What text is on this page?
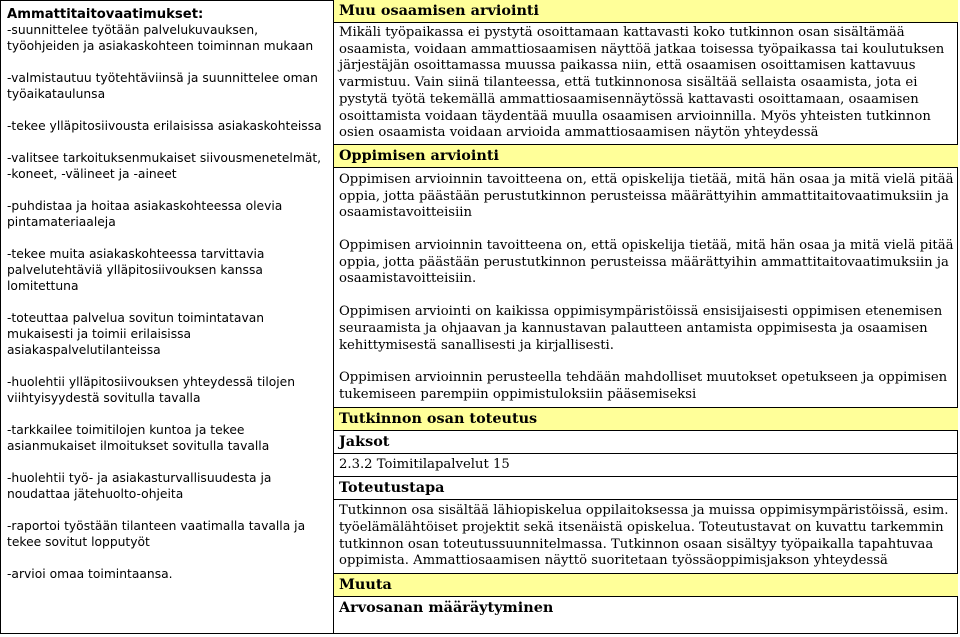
Ammattitaitovaatimukset:

-suunnittelee työtään palvelukuvauksen, työohjeiden ja asiakaskohteen toiminnan mukaan
-valmistautuu työtehtäviinsä ja suunnittelee oman työaikataulunsa
-tekee ylläpitosiivousta erilaisissa asiakaskohteissa
-valitsee tarkoituksenmukaiset siivousmenetelmät, -koneet, -välineet ja -aineet
-puhdistaa ja hoitaa asiakaskohteessa olevia pintamateriaaleja
-tekee muita asiakaskohteessa tarvittavia palvelutehtäviä ylläpitosiivouksen kanssa lomitettuna
-toteuttaa palvelua sovitun toimintatavan mukaisesti ja toimii erilaisissa asiakaspalvelutilanteissa
-huolehtii ylläpitosiivouksen yhteydessä tilojen viihtyisyydestä sovitulla tavalla
-tarkkailee toimitilojen kuntoa ja tekee asianmukaiset ilmoitukset sovitulla tavalla
-huolehtii työ- ja asiakasturvallisuudesta ja noudattaa jätehuolto-ohjeita
-raportoi työstään tilanteen vaatimalla tavalla ja tekee sovitut lopputyöt
-arvioi omaa toimintaansa.
Muu osaamisen arviointi

Mikäli työpaikassa ei pystytä osoittamaan kattavasti koko tutkinnon osan sisältämää osaamista, voidaan ammattiosaamisen näyttöä jatkaa toisessa työpaikassa tai koulutuksen järjestäjän osoittamassa muussa paikassa niin, että osaamisen osoittamisen kattavuus varmistuu. Vain siinä tilanteessa, että tutkinnonosa sisältää sellaista osaamista, jota ei pystytä työtä tekemällä ammattiosaamisennäytössä kattavasti osoittamaan, osaamisen osoittamista voidaan täydentää muulla osaamisen arvioinnilla. Myös yhteisten tutkinnon osien osaamista voidaan arvioida ammattiosaamisen näytön yhteydessä

Oppimisen arviointi

Oppimisen arvioinnin tavoitteena on, että opiskelija tietää, mitä hän osaa ja mitä vielä pitää oppia, jotta päästään perustutkinnon perusteissa määrättyihin ammattitaitovaatimuksiin ja osaamistavoitteisiin

Oppimisen arvioinnin tavoitteena on, että opiskelija tietää, mitä hän osaa ja mitä vielä pitää oppia, jotta päästään perustutkinnon perusteissa määrättyihin ammattitaitovaatimuksiin ja osaamistavoitteisiin.

Oppimisen arviointi on kaikissa oppimisympäristöissä ensisijaisesti oppimisen etenemisen seuraamista ja ohjaavan ja kannustavan palautteen antamista oppimisesta ja osaamisen kehittymisestä sanallisesti ja kirjallisesti.

Oppimisen arvioinnin perusteella tehdään mahdolliset muutokset opetukseen ja oppimisen tukemiseen parempiin oppimistuloksiin pääsemiseksi

Tutkinnon osan toteutus
Jaksot

2.3.2 Toimitilapalvelut 15

Toteutustapa

Tutkinnon osa sisältää lähiopiskelua oppilaitoksessa ja muissa oppimisympäristöissä, esim. työelämälähtöiset projektit sekä itsenäistä opiskelua. Toteutustavat on kuvattu tarkemmin tutkinnon osan toteutussuunnitelmassa. Tutkinnon osaan sisältyy työpaikalla tapahtuvaa oppimista. Ammattiosaamisen näyttö suoritetaan työssäoppimisjakson yhteydessä

Muuta
Arvosanan määräytyminen
